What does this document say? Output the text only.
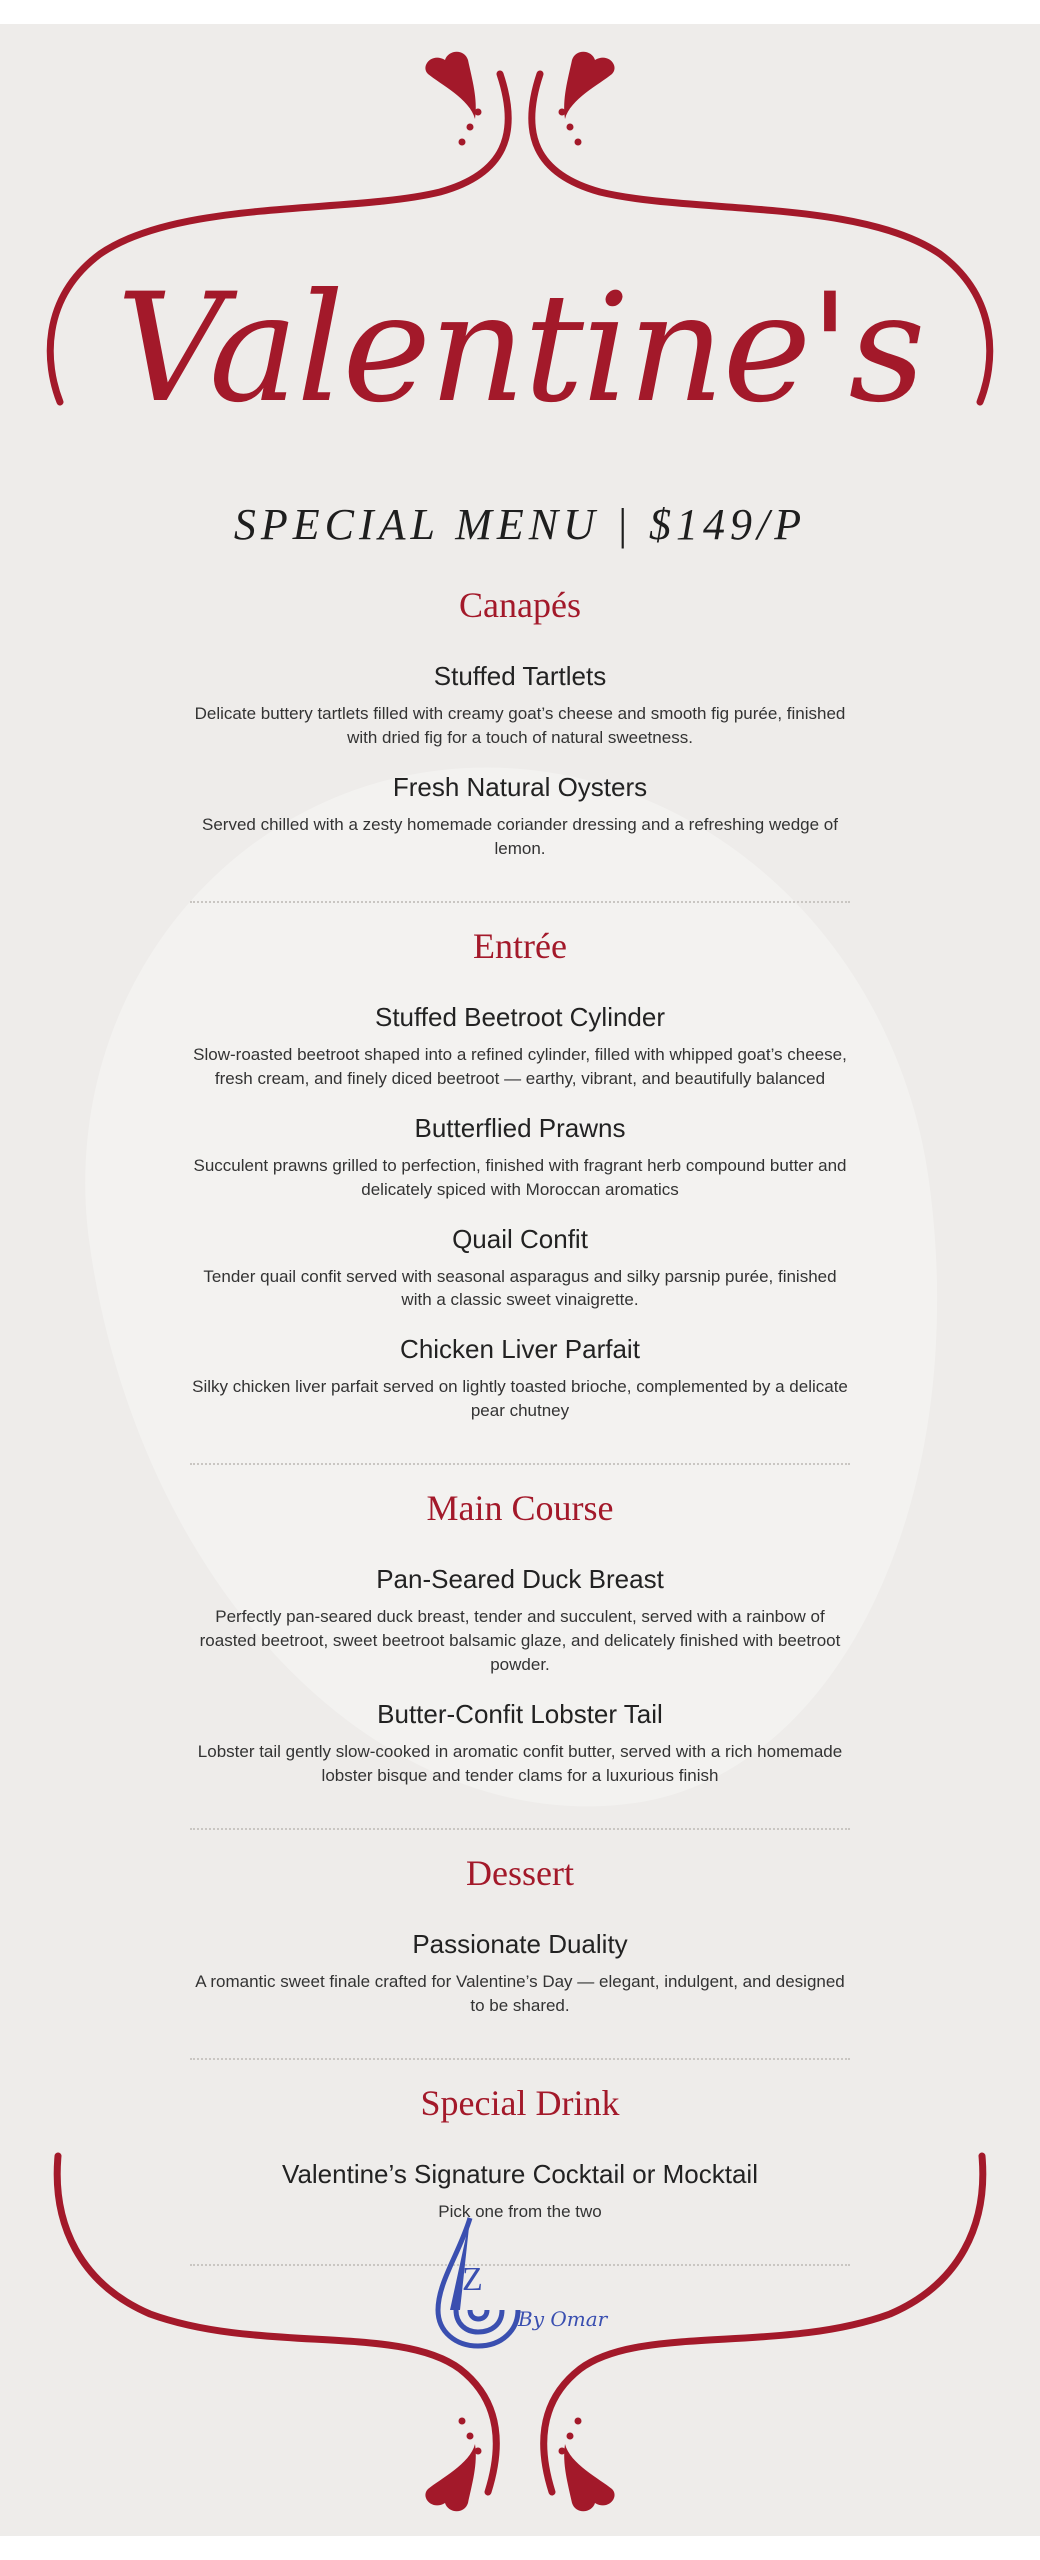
Valentine's
SPECIAL MENU | $149/P
Canapés
Stuffed Tartlets
Delicate buttery tartlets filled with creamy goat’s cheese and smooth fig purée, finished with dried fig for a touch of natural sweetness.
Fresh Natural Oysters
Served chilled with a zesty homemade coriander dressing and a refreshing wedge of lemon.
Entrée
Stuffed Beetroot Cylinder
Slow-roasted beetroot shaped into a refined cylinder, filled with whipped goat’s cheese, fresh cream, and finely diced beetroot — earthy, vibrant, and beautifully balanced
Butterflied Prawns
Succulent prawns grilled to perfection, finished with fragrant herb compound butter and delicately spiced with Moroccan aromatics
Quail Confit
Tender quail confit served with seasonal asparagus and silky parsnip purée, finished with a classic sweet vinaigrette.
Chicken Liver Parfait
Silky chicken liver parfait served on lightly toasted brioche, complemented by a delicate pear chutney
Main Course
Pan-Seared Duck Breast
Perfectly pan-seared duck breast, tender and succulent, served with a rainbow of roasted beetroot, sweet beetroot balsamic glaze, and delicately finished with beetroot powder.
Butter-Confit Lobster Tail
Lobster tail gently slow-cooked in aromatic confit butter, served with a rich homemade lobster bisque and tender clams for a luxurious finish
Dessert
Passionate Duality
A romantic sweet finale crafted for Valentine’s Day — elegant, indulgent, and designed to be shared.
Special Drink
Valentine’s Signature Cocktail or Mocktail
Pick one from the two
Z
By Omar
